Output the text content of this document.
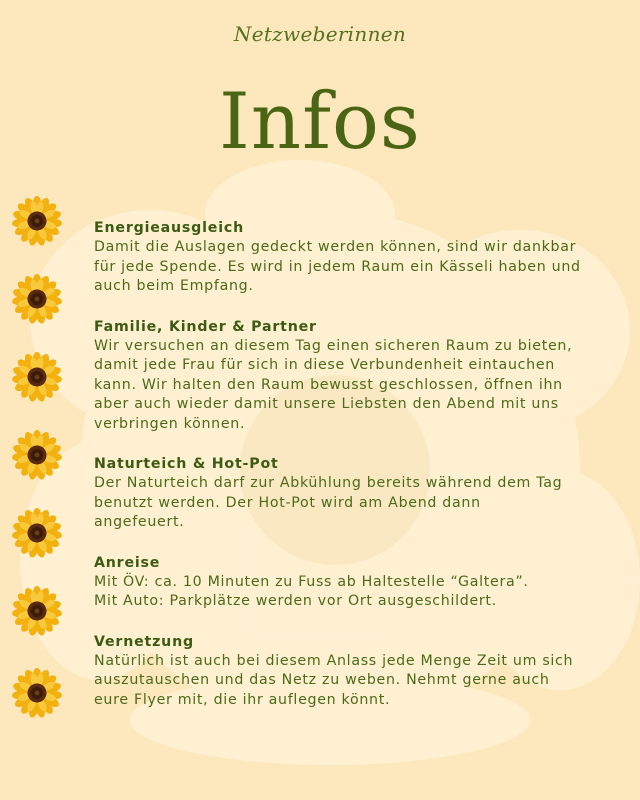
Netzweberinnen
Infos
Energieausgleich
Damit die Auslagen gedeckt werden können, sind wir dankbar
für jede Spende. Es wird in jedem Raum ein Kässeli haben und
auch beim Empfang.
Familie, Kinder & Partner
Wir versuchen an diesem Tag einen sicheren Raum zu bieten,
damit jede Frau für sich in diese Verbundenheit eintauchen
kann. Wir halten den Raum bewusst geschlossen, öffnen ihn
aber auch wieder damit unsere Liebsten den Abend mit uns
verbringen können.
Naturteich & Hot-Pot
Der Naturteich darf zur Abkühlung bereits während dem Tag
benutzt werden. Der Hot-Pot wird am Abend dann
angefeuert.
Anreise
Mit ÖV: ca. 10 Minuten zu Fuss ab Haltestelle “Galtera”.
Mit Auto: Parkplätze werden vor Ort ausgeschildert.
Vernetzung
Natürlich ist auch bei diesem Anlass jede Menge Zeit um sich
auszutauschen und das Netz zu weben. Nehmt gerne auch
eure Flyer mit, die ihr auflegen könnt.
